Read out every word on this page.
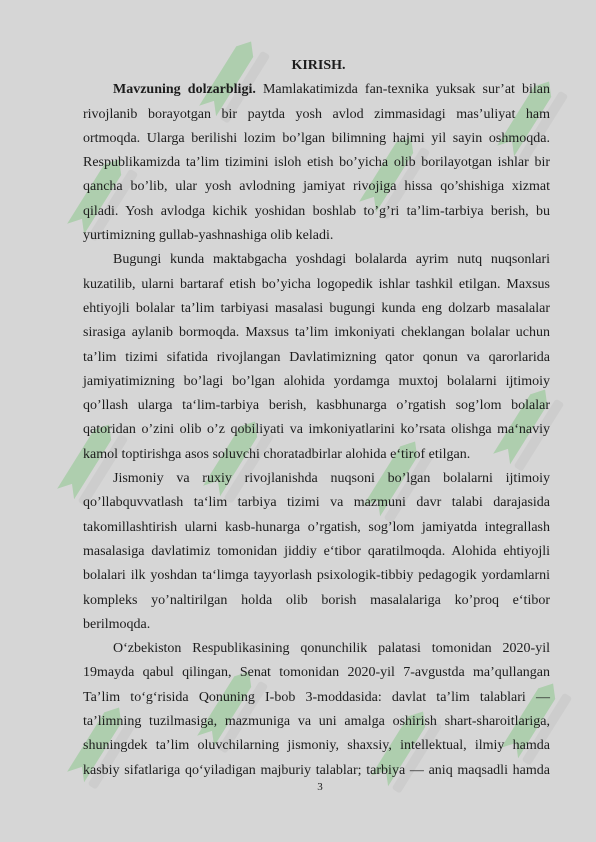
KIRISH.
Mavzuning dolzarbligi. Mamlakatimizda fan-texnika yuksak sur’at bilan
rivojlanib borayotgan bir paytda yosh avlod zimmasidagi mas’uliyat ham
ortmoqda. Ularga berilishi lozim bo’lgan bilimning hajmi yil sayin oshmoqda.
Respublikamizda ta’lim tizimini isloh etish bo’yicha olib borilayotgan ishlar bir
qancha bo’lib, ular yosh avlodning jamiyat rivojiga hissa qo’shishiga xizmat
qiladi. Yosh avlodga kichik yoshidan boshlab to’g’ri ta’lim-tarbiya berish, bu
yurtimizning gullab-yashnashiga olib keladi.
Bugungi kunda maktabgacha yoshdagi bolalarda ayrim nutq nuqsonlari
kuzatilib, ularni bartaraf etish bo’yicha logopedik ishlar tashkil etilgan. Maxsus
ehtiyojli bolalar ta’lim tarbiyasi masalasi bugungi kunda eng dolzarb masalalar
sirasiga aylanib bormoqda. Maxsus ta’lim imkoniyati cheklangan bolalar uchun
ta’lim tizimi sifatida rivojlangan Davlatimizning qator qonun va qarorlarida
jamiyatimizning bo’lagi bo’lgan alohida yordamga muxtoj bolalarni ijtimoiy
qo’llash ularga ta‘lim-tarbiya berish, kasbhunarga o’rgatish sog’lom bolalar
qatoridan o’zini olib o’z qobiliyati va imkoniyatlarini ko’rsata olishga ma‘naviy
kamol toptirishga asos soluvchi choratadbirlar alohida e‘tirof etilgan.
Jismoniy va ruxiy rivojlanishda nuqsoni bo’lgan bolalarni ijtimoiy
qo’llabquvvatlash ta‘lim tarbiya tizimi va mazmuni davr talabi darajasida
takomillashtirish ularni kasb-hunarga o’rgatish, sog’lom jamiyatda integrallash
masalasiga davlatimiz tomonidan jiddiy e‘tibor qaratilmoqda. Alohida ehtiyojli
bolalari ilk yoshdan ta‘limga tayyorlash psixologik-tibbiy pedagogik yordamlarni
kompleks yo’naltirilgan holda olib borish masalalariga ko’proq e‘tibor
berilmoqda.
O‘zbekiston Respublikasining qonunchilik palatasi tomonidan 2020-yil
19mayda qabul qilingan, Senat tomonidan 2020-yil 7-avgustda ma’qullangan
Ta’lim to‘g‘risida Qonuning I-bob 3-moddasida: davlat ta’lim talablari —
ta’limning tuzilmasiga, mazmuniga va uni amalga oshirish shart-sharoitlariga,
shuningdek ta’lim oluvchilarning jismoniy, shaxsiy, intellektual, ilmiy hamda
kasbiy sifatlariga qo‘yiladigan majburiy talablar; tarbiya — aniq maqsadli hamda
3
